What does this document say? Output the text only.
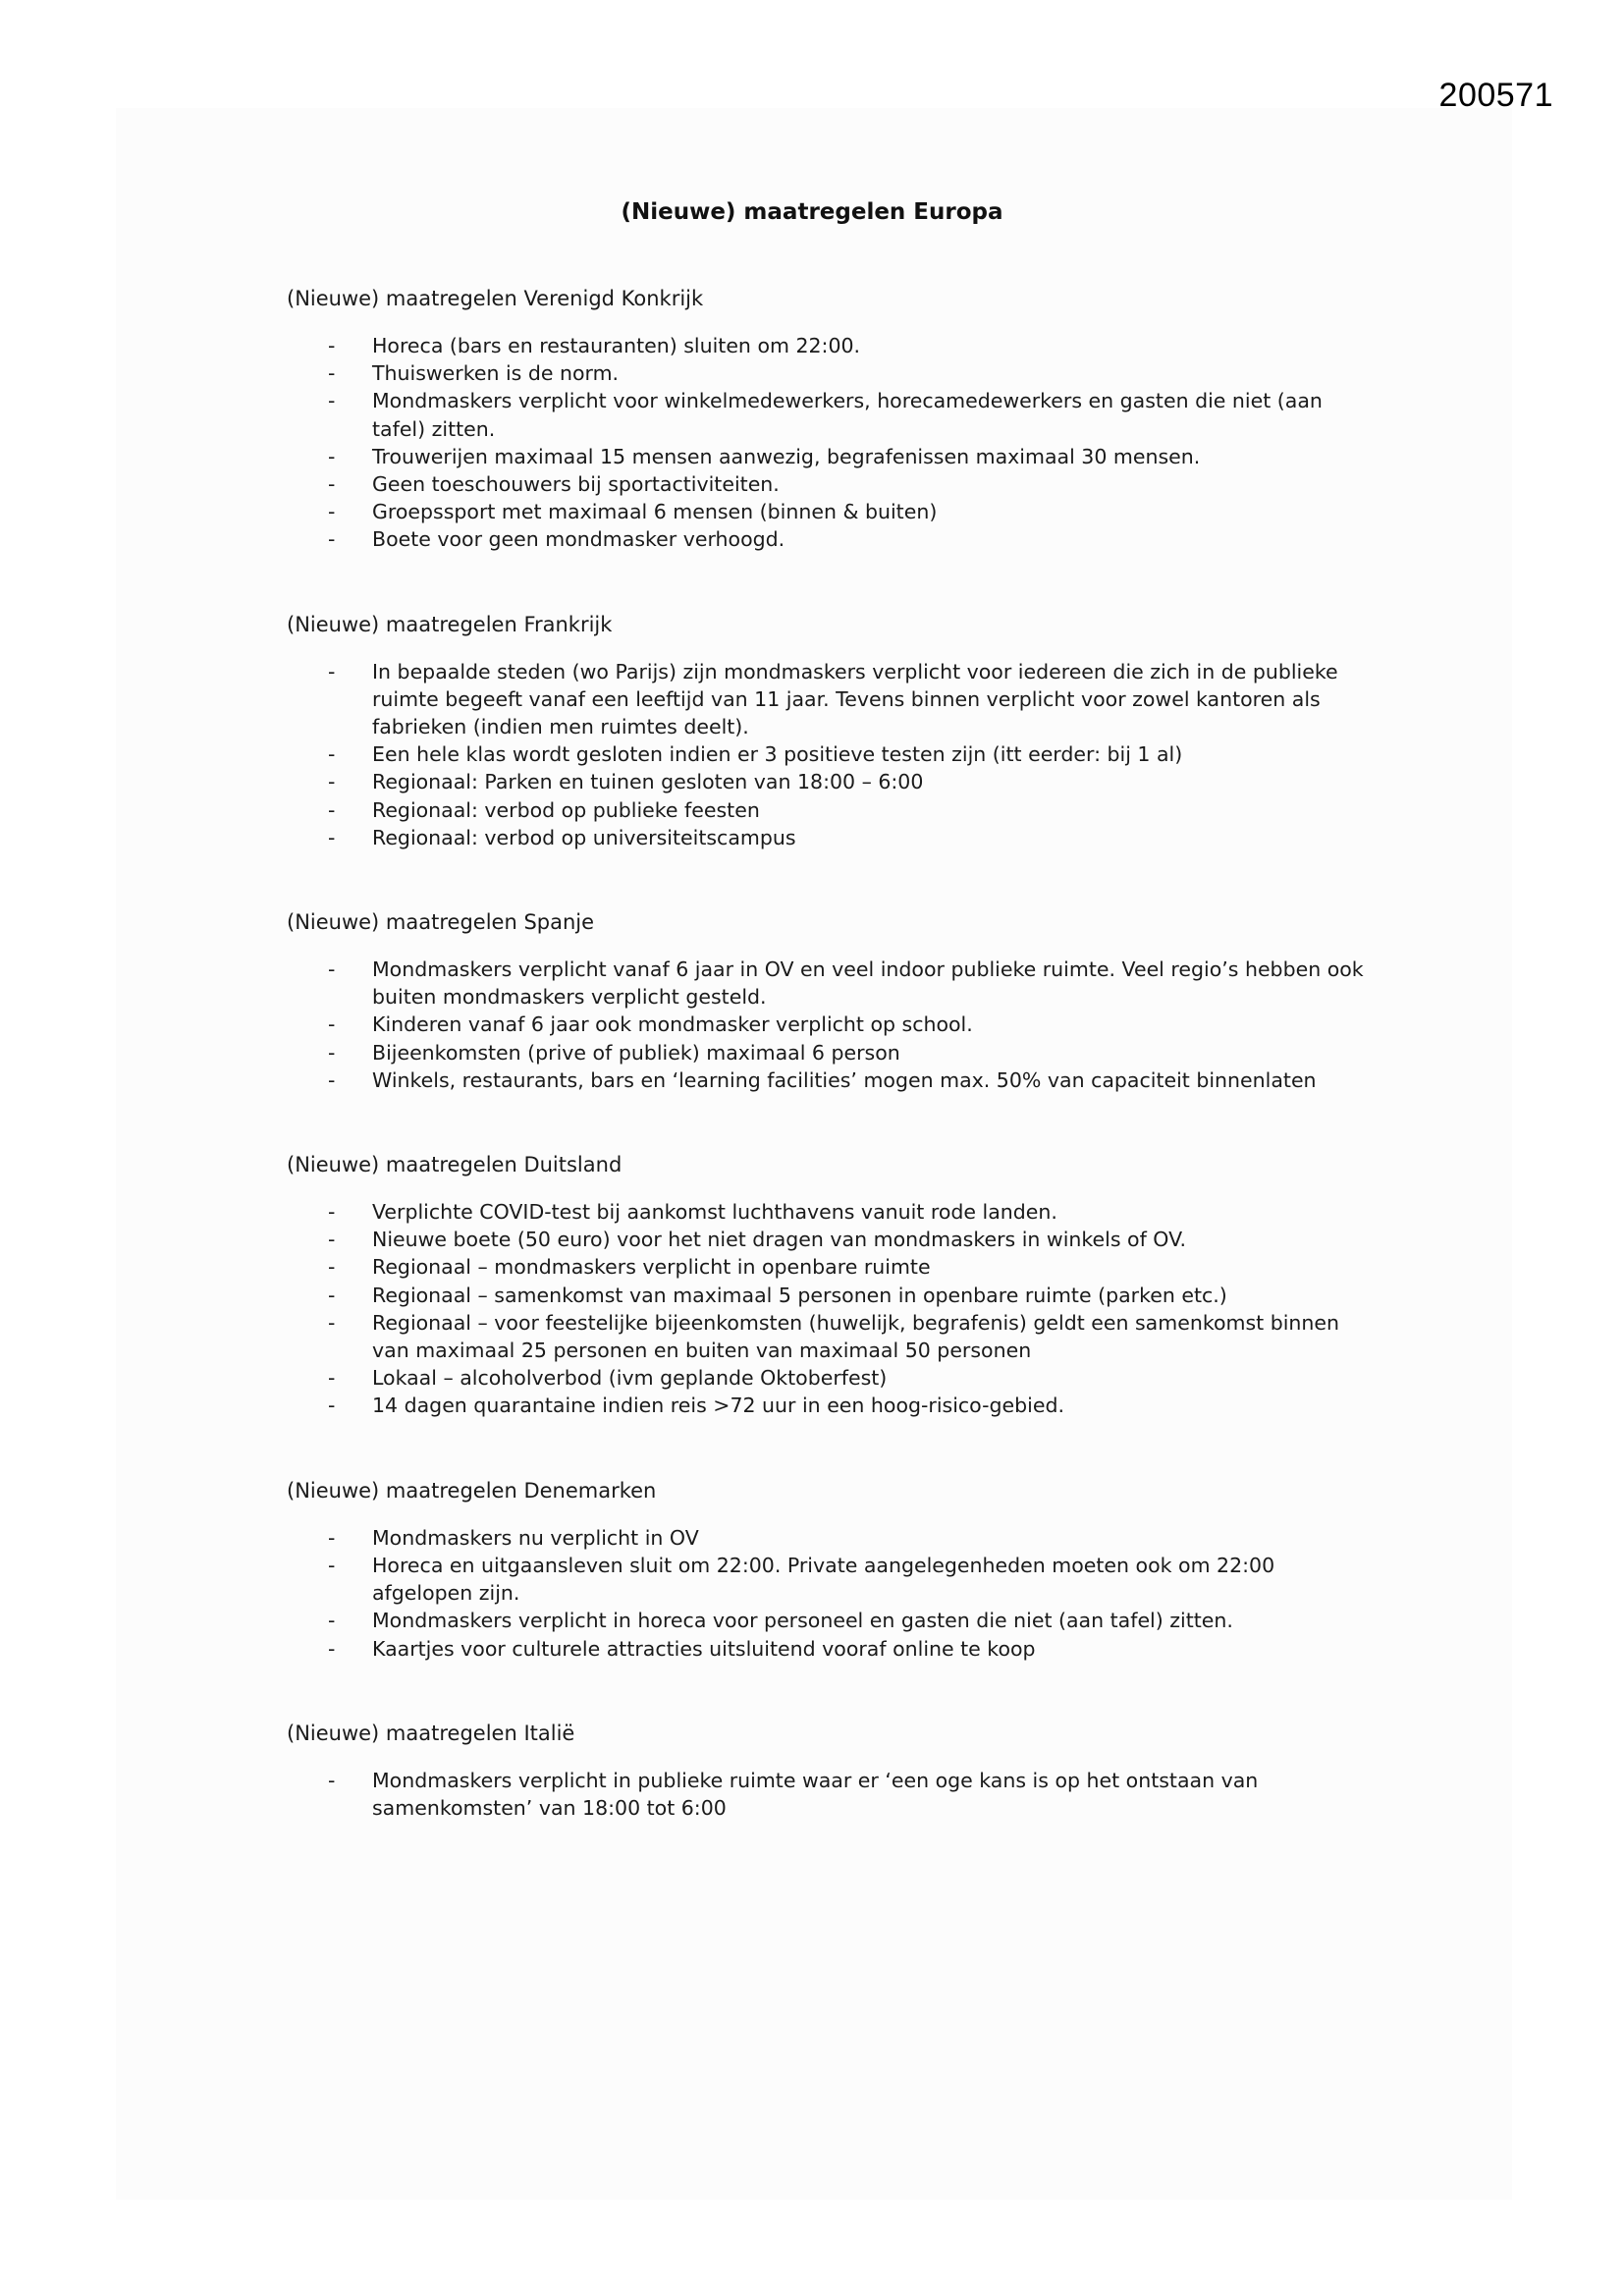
200571
(Nieuwe) maatregelen Europa
(Nieuwe) maatregelen Verenigd Konkrijk
- Horeca (bars en restauranten) sluiten om 22:00.
- Thuiswerken is de norm.
- Mondmaskers verplicht voor winkelmedewerkers, horecamedewerkers en gasten die niet (aan tafel) zitten.
- Trouwerijen maximaal 15 mensen aanwezig, begrafenissen maximaal 30 mensen.
- Geen toeschouwers bij sportactiviteiten.
- Groepssport met maximaal 6 mensen (binnen & buiten)
- Boete voor geen mondmasker verhoogd.
(Nieuwe) maatregelen Frankrijk
- In bepaalde steden (wo Parijs) zijn mondmaskers verplicht voor iedereen die zich in de publieke ruimte begeeft vanaf een leeftijd van 11 jaar. Tevens binnen verplicht voor zowel kantoren als fabrieken (indien men ruimtes deelt).
- Een hele klas wordt gesloten indien er 3 positieve testen zijn (itt eerder: bij 1 al)
- Regionaal: Parken en tuinen gesloten van 18:00 – 6:00
- Regionaal: verbod op publieke feesten
- Regionaal: verbod op universiteitscampus
(Nieuwe) maatregelen Spanje
- Mondmaskers verplicht vanaf 6 jaar in OV en veel indoor publieke ruimte. Veel regio’s hebben ook buiten mondmaskers verplicht gesteld.
- Kinderen vanaf 6 jaar ook mondmasker verplicht op school.
- Bijeenkomsten (prive of publiek) maximaal 6 person
- Winkels, restaurants, bars en ‘learning facilities’ mogen max. 50% van capaciteit binnenlaten
(Nieuwe) maatregelen Duitsland
- Verplichte COVID-test bij aankomst luchthavens vanuit rode landen.
- Nieuwe boete (50 euro) voor het niet dragen van mondmaskers in winkels of OV.
- Regionaal – mondmaskers verplicht in openbare ruimte
- Regionaal – samenkomst van maximaal 5 personen in openbare ruimte (parken etc.)
- Regionaal – voor feestelijke bijeenkomsten (huwelijk, begrafenis) geldt een samenkomst binnen van maximaal 25 personen en buiten van maximaal 50 personen
- Lokaal – alcoholverbod (ivm geplande Oktoberfest)
- 14 dagen quarantaine indien reis >72 uur in een hoog-risico-gebied.
(Nieuwe) maatregelen Denemarken
- Mondmaskers nu verplicht in OV
- Horeca en uitgaansleven sluit om 22:00. Private aangelegenheden moeten ook om 22:00 afgelopen zijn.
- Mondmaskers verplicht in horeca voor personeel en gasten die niet (aan tafel) zitten.
- Kaartjes voor culturele attracties uitsluitend vooraf online te koop
(Nieuwe) maatregelen Italië
- Mondmaskers verplicht in publieke ruimte waar er ‘een oge kans is op het ontstaan van samenkomsten’ van 18:00 tot 6:00
